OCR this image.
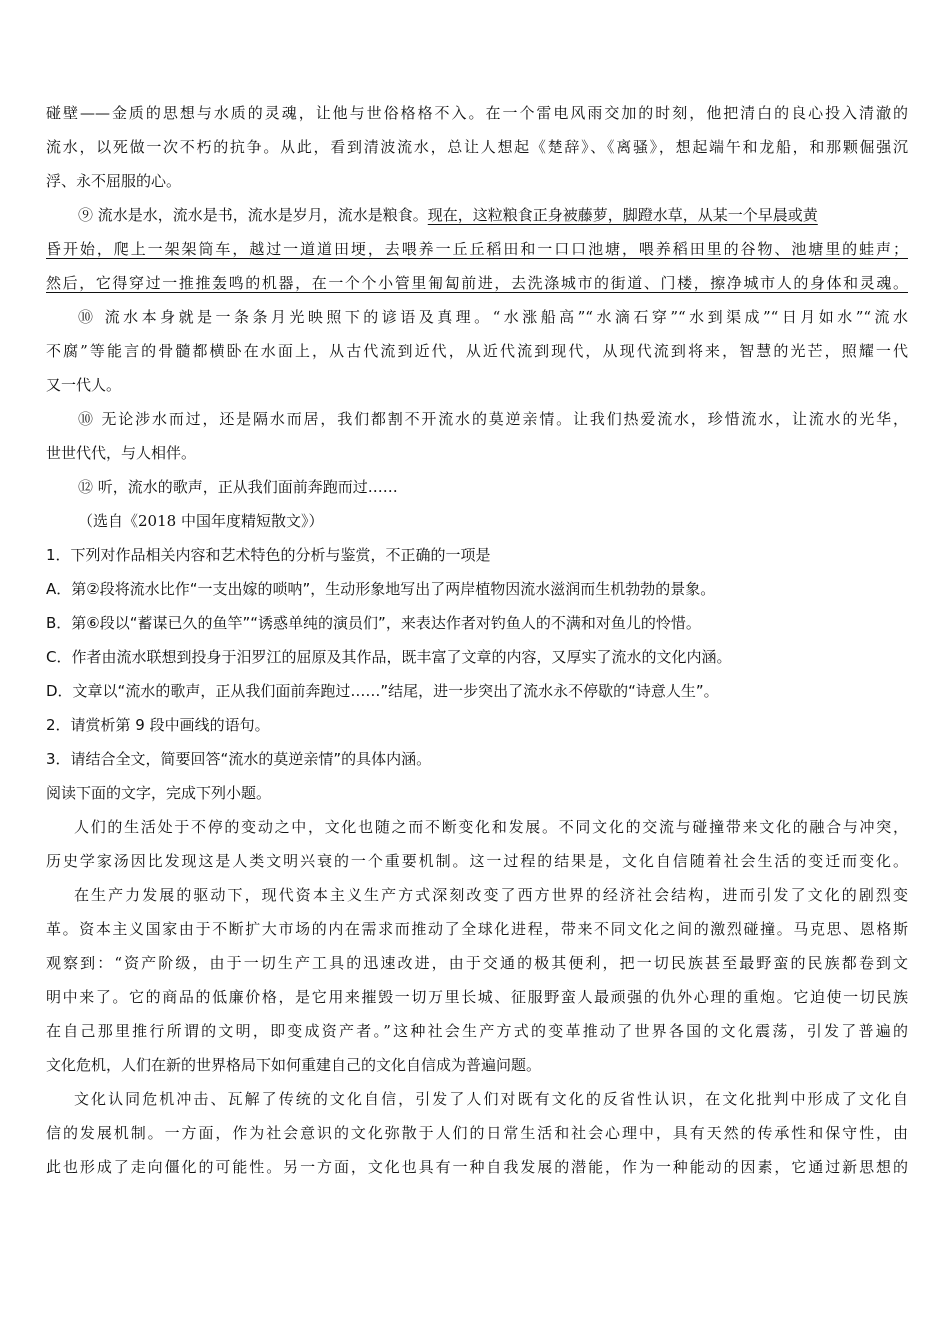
碰壁——金质的思想与水质的灵魂，让他与世俗格格不入。在一个雷电风雨交加的时刻，他把清白的良心投入清澈的
流水，以死做一次不朽的抗争。从此，看到清波流水，总让人想起《楚辞》、《离骚》，想起端午和龙船，和那颗倔强沉
浮、永不屈服的心。
⑨ 流水是水，流水是书，流水是岁月，流水是粮食。现在，这粒粮食正身被藤萝，脚蹬水草，从某一个早晨或黄
昏开始，爬上一架架筒车，越过一道道田埂，去喂养一丘丘稻田和一口口池塘，喂养稻田里的谷物、池塘里的蛙声；
然后，它得穿过一推推轰鸣的机器，在一个个小管里匍匐前进，去洗涤城市的街道、门楼，擦净城市人的身体和灵魂。
⑩ 流水本身就是一条条月光映照下的谚语及真理。“水涨船高”“水滴石穿”“水到渠成”“日月如水”“流水
不腐”等能言的骨髓都横卧在水面上，从古代流到近代，从近代流到现代，从现代流到将来，智慧的光芒，照耀一代
又一代人。
⑩ 无论涉水而过，还是隔水而居，我们都割不开流水的莫逆亲情。让我们热爱流水，珍惜流水，让流水的光华，
世世代代，与人相伴。
⑫ 听，流水的歌声，正从我们面前奔跑而过……
（选自《2018 中国年度精短散文》）
1．下列对作品相关内容和艺术特色的分析与鉴赏，不正确的一项是
A．第②段将流水比作“一支出嫁的唢呐”，生动形象地写出了两岸植物因流水滋润而生机勃勃的景象。
B．第⑥段以“蓄谋已久的鱼竿”“诱惑单纯的演员们”，来表达作者对钓鱼人的不满和对鱼儿的怜惜。
C．作者由流水联想到投身于汨罗江的屈原及其作品，既丰富了文章的内容，又厚实了流水的文化内涵。
D．文章以“流水的歌声，正从我们面前奔跑过……”结尾，进一步突出了流水永不停歇的“诗意人生”。
2．请赏析第 9 段中画线的语句。
3．请结合全文，简要回答“流水的莫逆亲情”的具体内涵。
阅读下面的文字，完成下列小题。
人们的生活处于不停的变动之中，文化也随之而不断变化和发展。不同文化的交流与碰撞带来文化的融合与冲突，
历史学家汤因比发现这是人类文明兴衰的一个重要机制。这一过程的结果是，文化自信随着社会生活的变迁而变化。
在生产力发展的驱动下，现代资本主义生产方式深刻改变了西方世界的经济社会结构，进而引发了文化的剧烈变
革。资本主义国家由于不断扩大市场的内在需求而推动了全球化进程，带来不同文化之间的激烈碰撞。马克思、恩格斯
观察到：“资产阶级，由于一切生产工具的迅速改进，由于交通的极其便利，把一切民族甚至最野蛮的民族都卷到文
明中来了。它的商品的低廉价格，是它用来摧毁一切万里长城、征服野蛮人最顽强的仇外心理的重炮。它迫使一切民族
在自己那里推行所谓的文明，即变成资产者。”这种社会生产方式的变革推动了世界各国的文化震荡，引发了普遍的
文化危机，人们在新的世界格局下如何重建自己的文化自信成为普遍问题。
文化认同危机冲击、瓦解了传统的文化自信，引发了人们对既有文化的反省性认识，在文化批判中形成了文化自
信的发展机制。一方面，作为社会意识的文化弥散于人们的日常生活和社会心理中，具有天然的传承性和保守性，由
此也形成了走向僵化的可能性。另一方面，文化也具有一种自我发展的潜能，作为一种能动的因素，它通过新思想的
